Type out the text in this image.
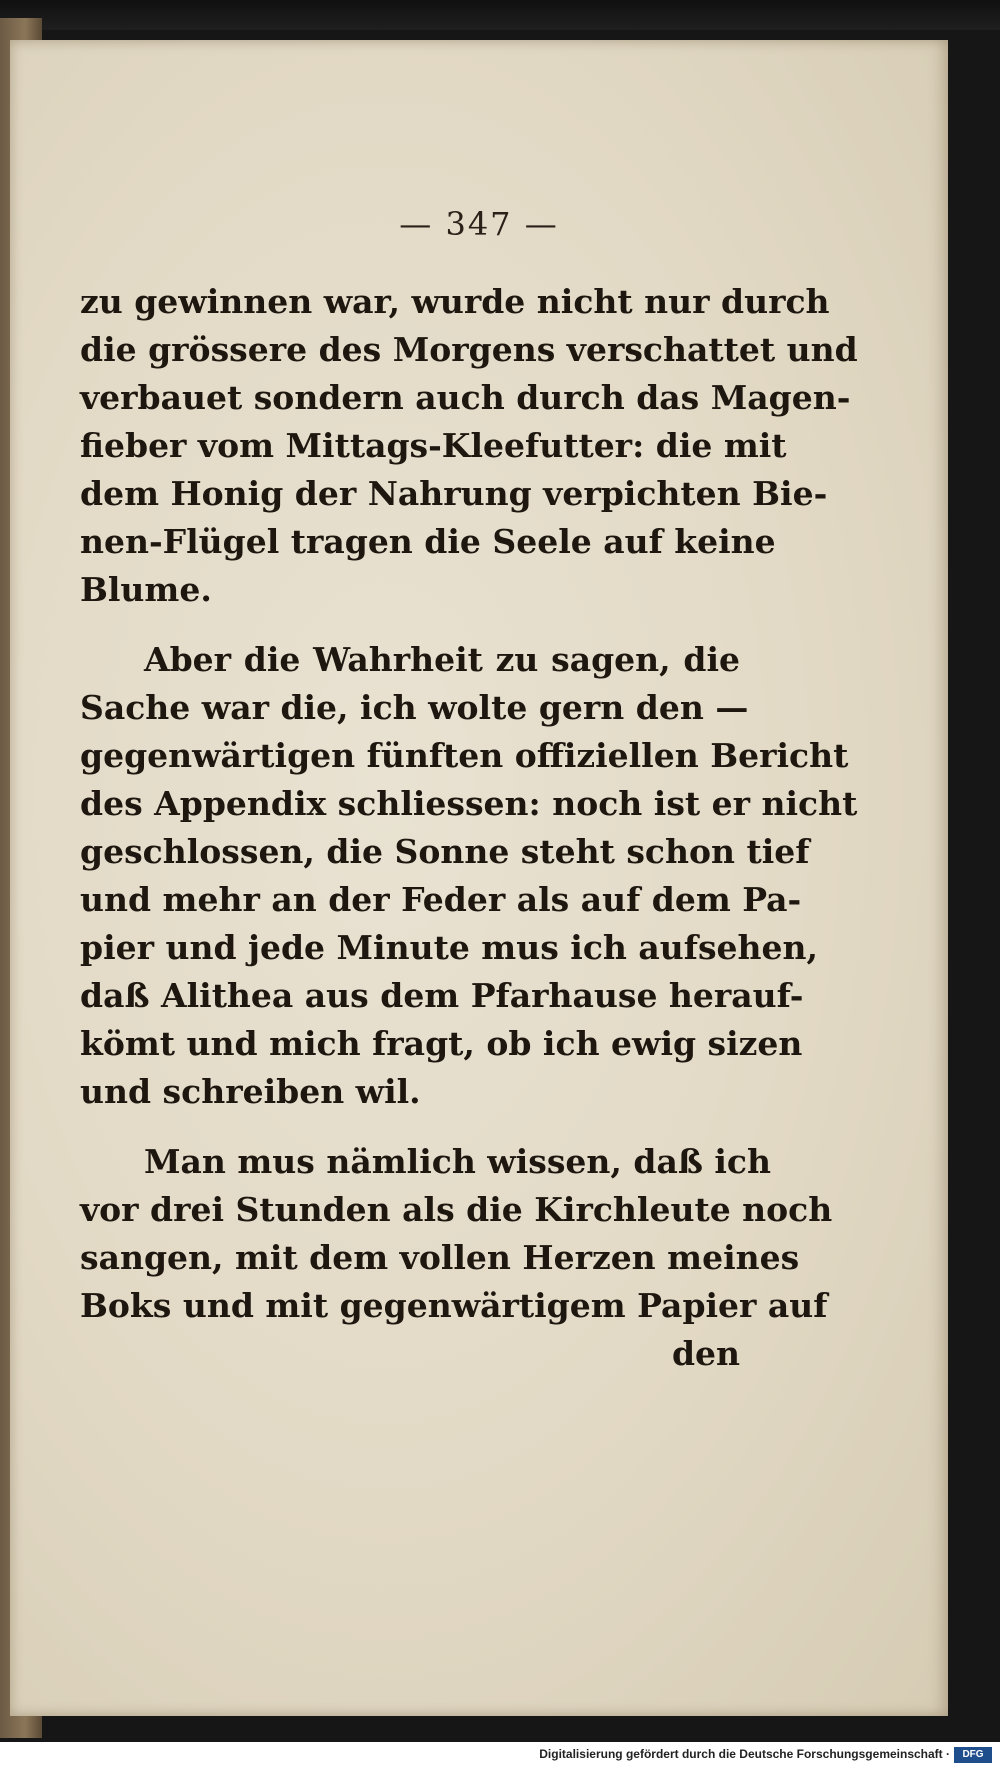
— 347 —
zu gewinnen war, wurde nicht nur durch
die grössere des Morgens verschattet und
verbauet sondern auch durch das Magen-
fieber vom Mittags-Kleefutter: die mit
dem Honig der Nahrung verpichten Bie-
nen-Flügel tragen die Seele auf keine
Blume.
Aber die Wahrheit zu sagen, die
Sache war die, ich wolte gern den —
gegenwärtigen fünften offiziellen Bericht
des Appendix schliessen: noch ist er nicht
geschlossen, die Sonne steht schon tief
und mehr an der Feder als auf dem Pa-
pier und jede Minute mus ich aufsehen,
daß Alithea aus dem Pfarhause herauf-
kömt und mich fragt, ob ich ewig sizen
und schreiben wil.
Man mus nämlich wissen, daß ich
vor drei Stunden als die Kirchleute noch
sangen, mit dem vollen Herzen meines
Boks und mit gegenwärtigem Papier auf
den
Digitalisierung gefördert durch die Deutsche Forschungsgemeinschaft ·	DFG
